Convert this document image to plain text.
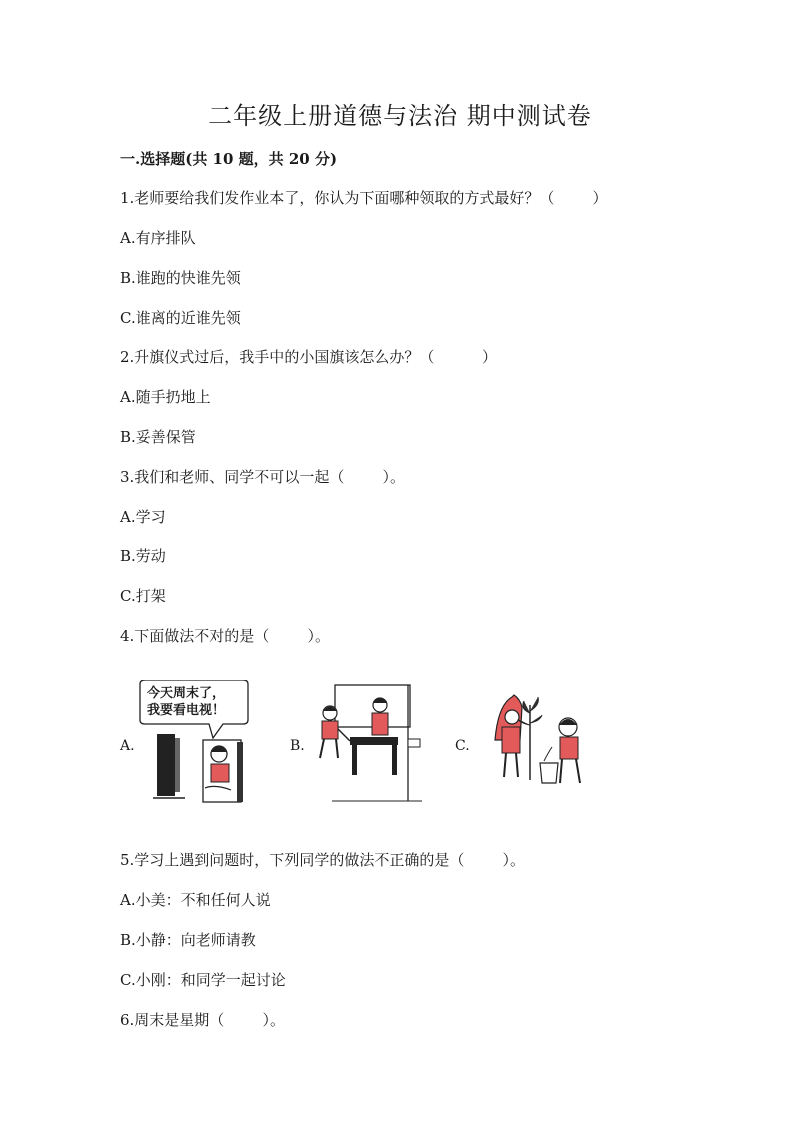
二年级上册道德与法治 期中测试卷
一.选择题(共 10 题，共 20 分)
1.老师要给我们发作业本了，你认为下面哪种领取的方式最好？（        ）
A.有序排队
B.谁跑的快谁先领
C.谁离的近谁先领
2.升旗仪式过后，我手中的小国旗该怎么办？（          ）
A.随手扔地上
B.妥善保管
3.我们和老师、同学不可以一起（        ）。
A.学习
B.劳动
C.打架
4.下面做法不对的是（        ）。
A.
今天周末了，
我要看电视！
B.	C.
5.学习上遇到问题时，下列同学的做法不正确的是（        ）。
A.小美：不和任何人说
B.小静：向老师请教
C.小刚：和同学一起讨论
6.周末是星期（        ）。
